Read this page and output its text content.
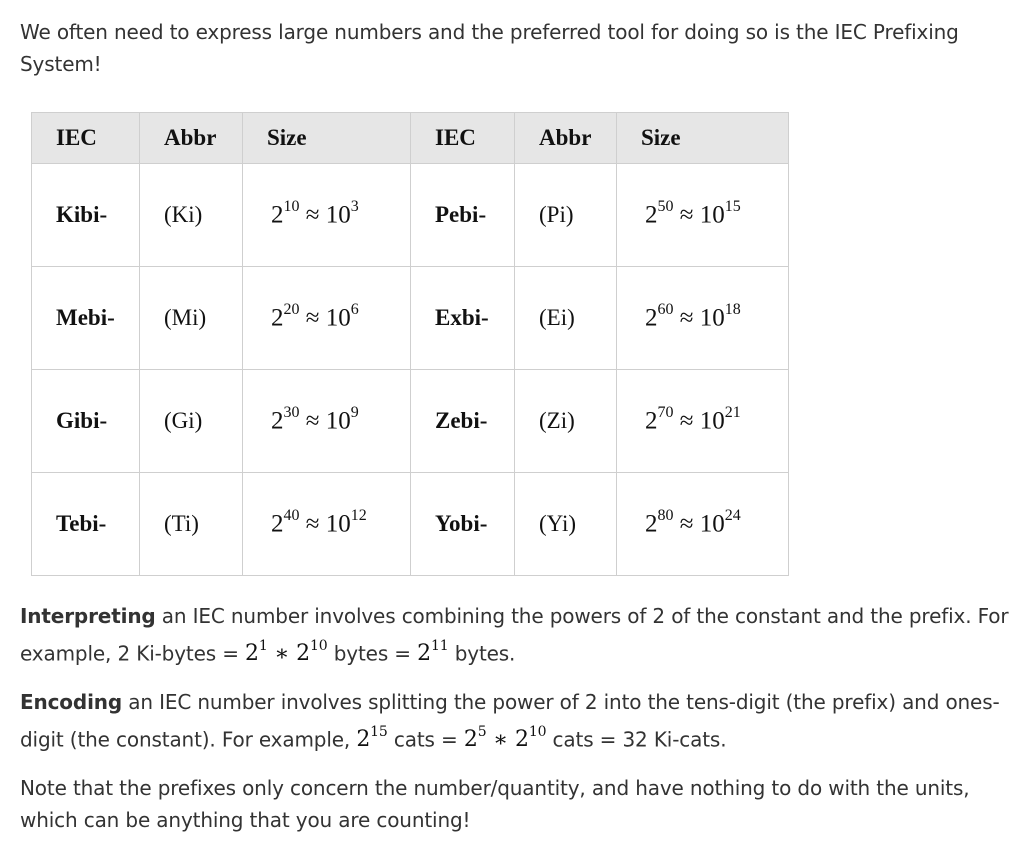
We often need to express large numbers and the preferred tool for doing so is the IEC Prefixing System!

IEC	Abbr	Size	IEC	Abbr	Size
Kibi-	(Ki)	$2^{10} \approx 10^3$	Pebi-	(Pi)	$2^{50} \approx 10^{15}$
Mebi-	(Mi)	$2^{20} \approx 10^6$	Exbi-	(Ei)	$2^{60} \approx 10^{18}$
Gibi-	(Gi)	$2^{30} \approx 10^9$	Zebi-	(Zi)	$2^{70} \approx 10^{21}$
Tebi-	(Ti)	$2^{40} \approx 10^{12}$	Yobi-	(Yi)	$2^{80} \approx 10^{24}$

Interpreting an IEC number involves combining the powers of 2 of the constant and the prefix. For example, 2 Ki-bytes = $2^1$ ∗ $2^{10}$ bytes = $2^{11}$ bytes.

Encoding an IEC number involves splitting the power of 2 into the tens-digit (the prefix) and ones-digit (the constant). For example, $2^{15}$ cats = $2^5$ ∗ $2^{10}$ cats = 32 Ki-cats.

Note that the prefixes only concern the number/quantity, and have nothing to do with the units, which can be anything that you are counting!
